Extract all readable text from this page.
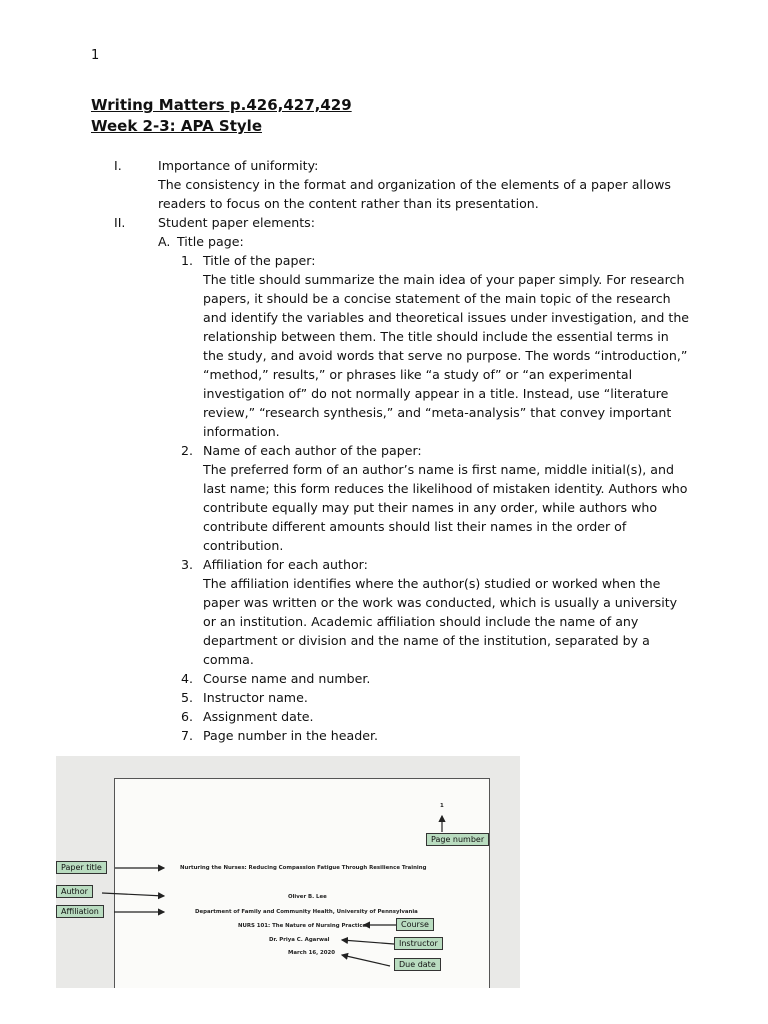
1
Writing Matters p.426,427,429
Week 2-3: APA Style
I.	Importance of uniformity:
The consistency in the format and organization of the elements of a paper allows readers to focus on the content rather than its presentation.
II.	Student paper elements:
A. Title page:
1. Title of the paper:
The title should summarize the main idea of your paper simply. For research papers, it should be a concise statement of the main topic of the research and identify the variables and theoretical issues under investigation, and the relationship between them. The title should include the essential terms in the study, and avoid words that serve no purpose. The words “introduction,” “method,” results,” or phrases like “a study of” or “an experimental investigation of” do not normally appear in a title. Instead, use “literature review,” “research synthesis,” and “meta-analysis” that convey important information.
2. Name of each author of the paper:
The preferred form of an author’s name is first name, middle initial(s), and last name; this form reduces the likelihood of mistaken identity. Authors who contribute equally may put their names in any order, while authors who contribute different amounts should list their names in the order of contribution.
3. Affiliation for each author:
The affiliation identifies where the author(s) studied or worked when the paper was written or the work was conducted, which is usually a university or an institution. Academic affiliation should include the name of any department or division and the name of the institution, separated by a comma.
4. Course name and number.
5. Instructor name.
6. Assignment date.
7. Page number in the header.
1
Nurturing the Nurses: Reducing Compassion Fatigue Through Resilience Training
Oliver B. Lee
Department of Family and Community Health, University of Pennsylvania
NURS 101: The Nature of Nursing Practice
Dr. Priya C. Agarwal
March 16, 2020
Page number
Paper title
Author
Affiliation
Course
Instructor
Due date
